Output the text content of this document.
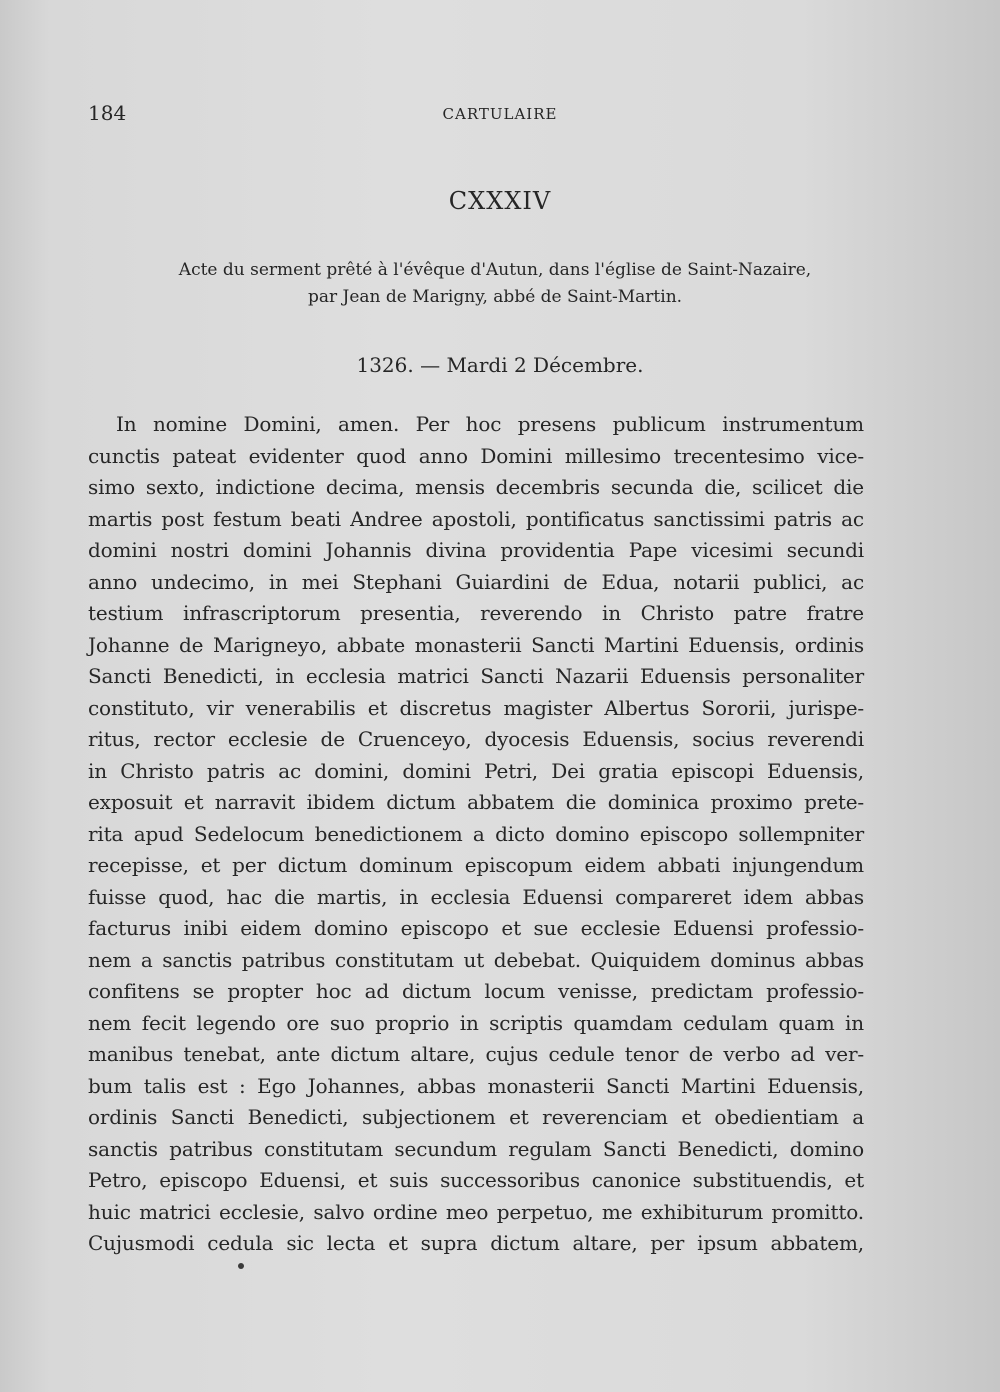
184	CARTULAIRE
CXXXIV
Acte du serment prêté à l'évêque d'Autun, dans l'église de Saint-Nazaire,
par Jean de Marigny, abbé de Saint-Martin.
1326. — Mardi 2 Décembre.
In nomine Domini, amen. Per hoc presens publicum instrumentum
cunctis pateat evidenter quod anno Domini millesimo trecentesimo vice-
simo sexto, indictione decima, mensis decembris secunda die, scilicet die
martis post festum beati Andree apostoli, pontificatus sanctissimi patris ac
domini nostri domini Johannis divina providentia Pape vicesimi secundi
anno undecimo, in mei Stephani Guiardini de Edua, notarii publici, ac
testium infrascriptorum presentia, reverendo in Christo patre fratre
Johanne de Marigneyo, abbate monasterii Sancti Martini Eduensis, ordinis
Sancti Benedicti, in ecclesia matrici Sancti Nazarii Eduensis personaliter
constituto, vir venerabilis et discretus magister Albertus Sororii, jurispe-
ritus, rector ecclesie de Cruenceyo, dyocesis Eduensis, socius reverendi
in Christo patris ac domini, domini Petri, Dei gratia episcopi Eduensis,
exposuit et narravit ibidem dictum abbatem die dominica proximo prete-
rita apud Sedelocum benedictionem a dicto domino episcopo sollempniter
recepisse, et per dictum dominum episcopum eidem abbati injungendum
fuisse quod, hac die martis, in ecclesia Eduensi compareret idem abbas
facturus inibi eidem domino episcopo et sue ecclesie Eduensi professio-
nem a sanctis patribus constitutam ut debebat. Quiquidem dominus abbas
confitens se propter hoc ad dictum locum venisse, predictam professio-
nem fecit legendo ore suo proprio in scriptis quamdam cedulam quam in
manibus tenebat, ante dictum altare, cujus cedule tenor de verbo ad ver-
bum talis est : Ego Johannes, abbas monasterii Sancti Martini Eduensis,
ordinis Sancti Benedicti, subjectionem et reverenciam et obedientiam a
sanctis patribus constitutam secundum regulam Sancti Benedicti, domino
Petro, episcopo Eduensi, et suis successoribus canonice substituendis, et
huic matrici ecclesie, salvo ordine meo perpetuo, me exhibiturum promitto.
Cujusmodi cedula sic lecta et supra dictum altare, per ipsum abbatem,
